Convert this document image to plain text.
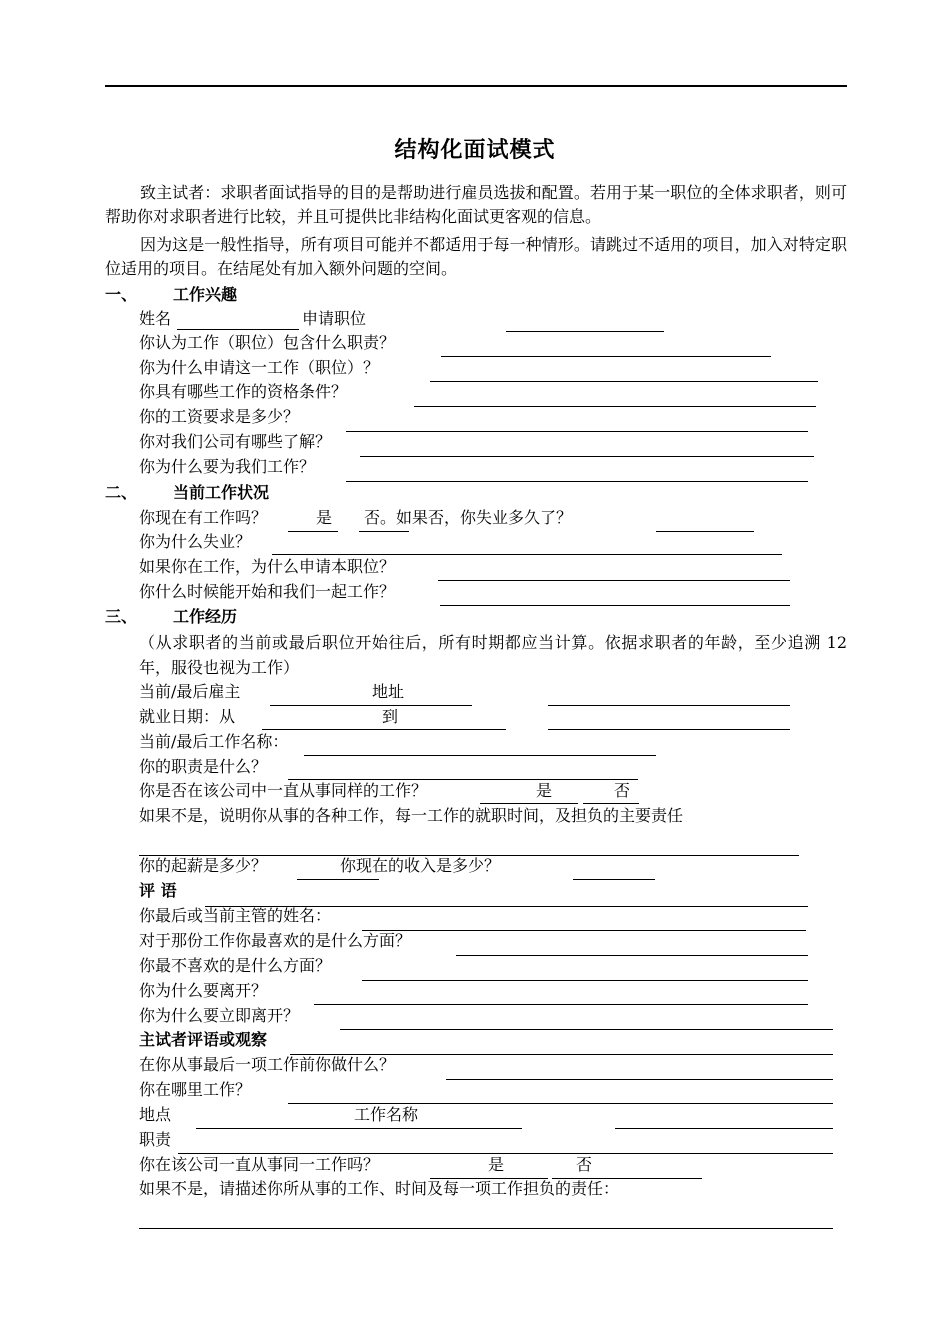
结构化面试模式
致主试者：求职者面试指导的目的是帮助进行雇员选拔和配置。若用于某一职位的全体求职者，则可帮助你对求职者进行比较，并且可提供比非结构化面试更客观的信息。
因为这是一般性指导，所有项目可能并不都适用于每一种情形。请跳过不适用的项目，加入对特定职位适用的项目。在结尾处有加入额外问题的空间。
一、 工作兴趣
姓名	申请职位
你认为工作（职位）包含什么职责？
你为什么申请这一工作（职位）？
你具有哪些工作的资格条件？
你的工资要求是多少？
你对我们公司有哪些了解？
你为什么要为我们工作？
二、 当前工作状况
你现在有工作吗？	是 否。如果否，你失业多久了？
你为什么失业？
如果你在工作，为什么申请本职位？
你什么时候能开始和我们一起工作？
三、 工作经历
（从求职者的当前或最后职位开始往后，所有时期都应当计算。依据求职者的年龄，至少追溯 12 年，服役也视为工作）
当前/最后雇主	地址
就业日期：从	到
当前/最后工作名称：
你的职责是什么？
你是否在该公司中一直从事同样的工作？	是	否
如果不是，说明你从事的各种工作，每一工作的就职时间，及担负的主要责任
你的起薪是多少？	你现在的收入是多少？
评 语
你最后或当前主管的姓名：
对于那份工作你最喜欢的是什么方面？
你最不喜欢的是什么方面？
你为什么要离开？
你为什么要立即离开？
主试者评语或观察
在你从事最后一项工作前你做什么？
你在哪里工作？
地点	工作名称
职责
你在该公司一直从事同一工作吗？	是	否
如果不是，请描述你所从事的工作、时间及每一项工作担负的责任：
